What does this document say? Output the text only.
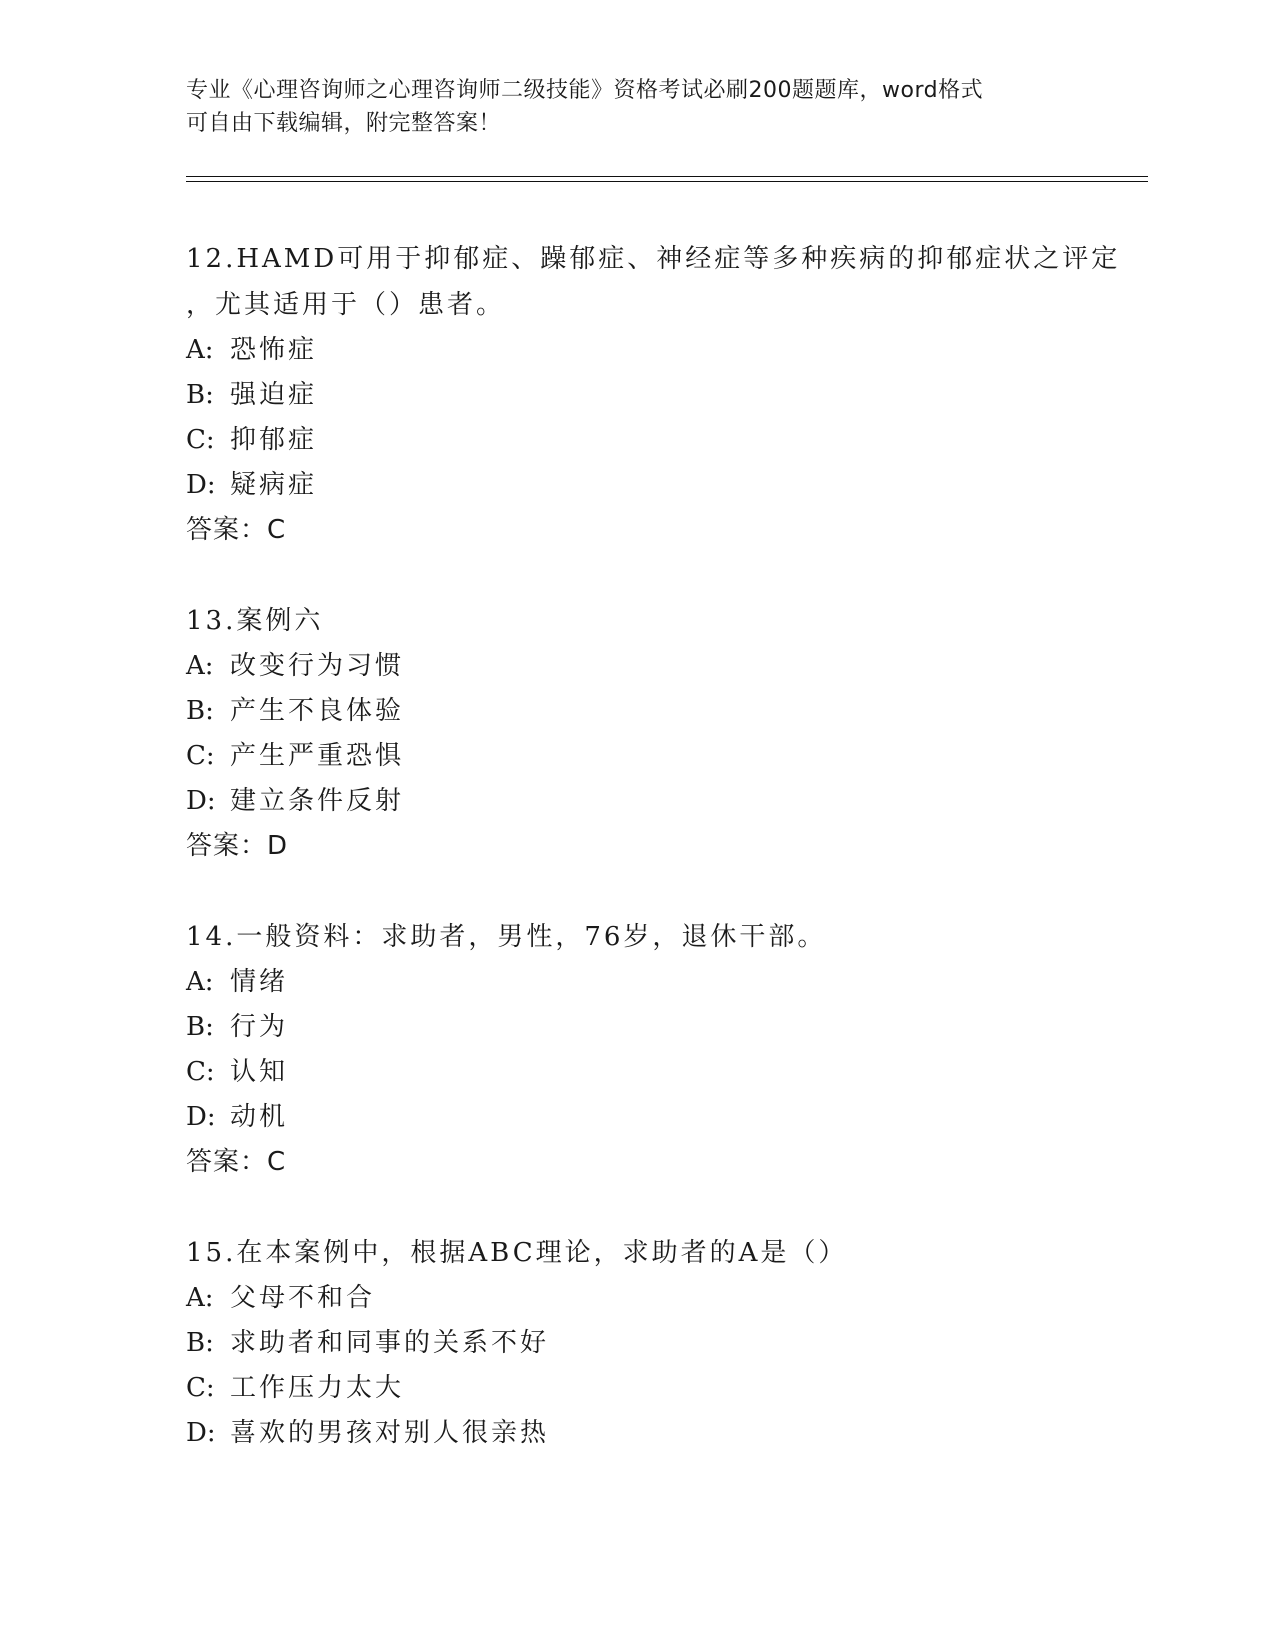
专业《心理咨询师之心理咨询师二级技能》资格考试必刷200题题库，word格式
可自由下载编辑，附完整答案！
12.HAMD可用于抑郁症、躁郁症、神经症等多种疾病的抑郁症状之评定
，尤其适用于（）患者。
A: 恐怖症
B: 强迫症
C: 抑郁症
D: 疑病症
答案：C
13.案例六
A: 改变行为习惯
B: 产生不良体验
C: 产生严重恐惧
D: 建立条件反射
答案：D
14.一般资料：求助者，男性，76岁，退休干部。
A: 情绪
B: 行为
C: 认知
D: 动机
答案：C
15.在本案例中，根据ABC理论，求助者的A是（）
A: 父母不和合
B: 求助者和同事的关系不好
C: 工作压力太大
D: 喜欢的男孩对别人很亲热
